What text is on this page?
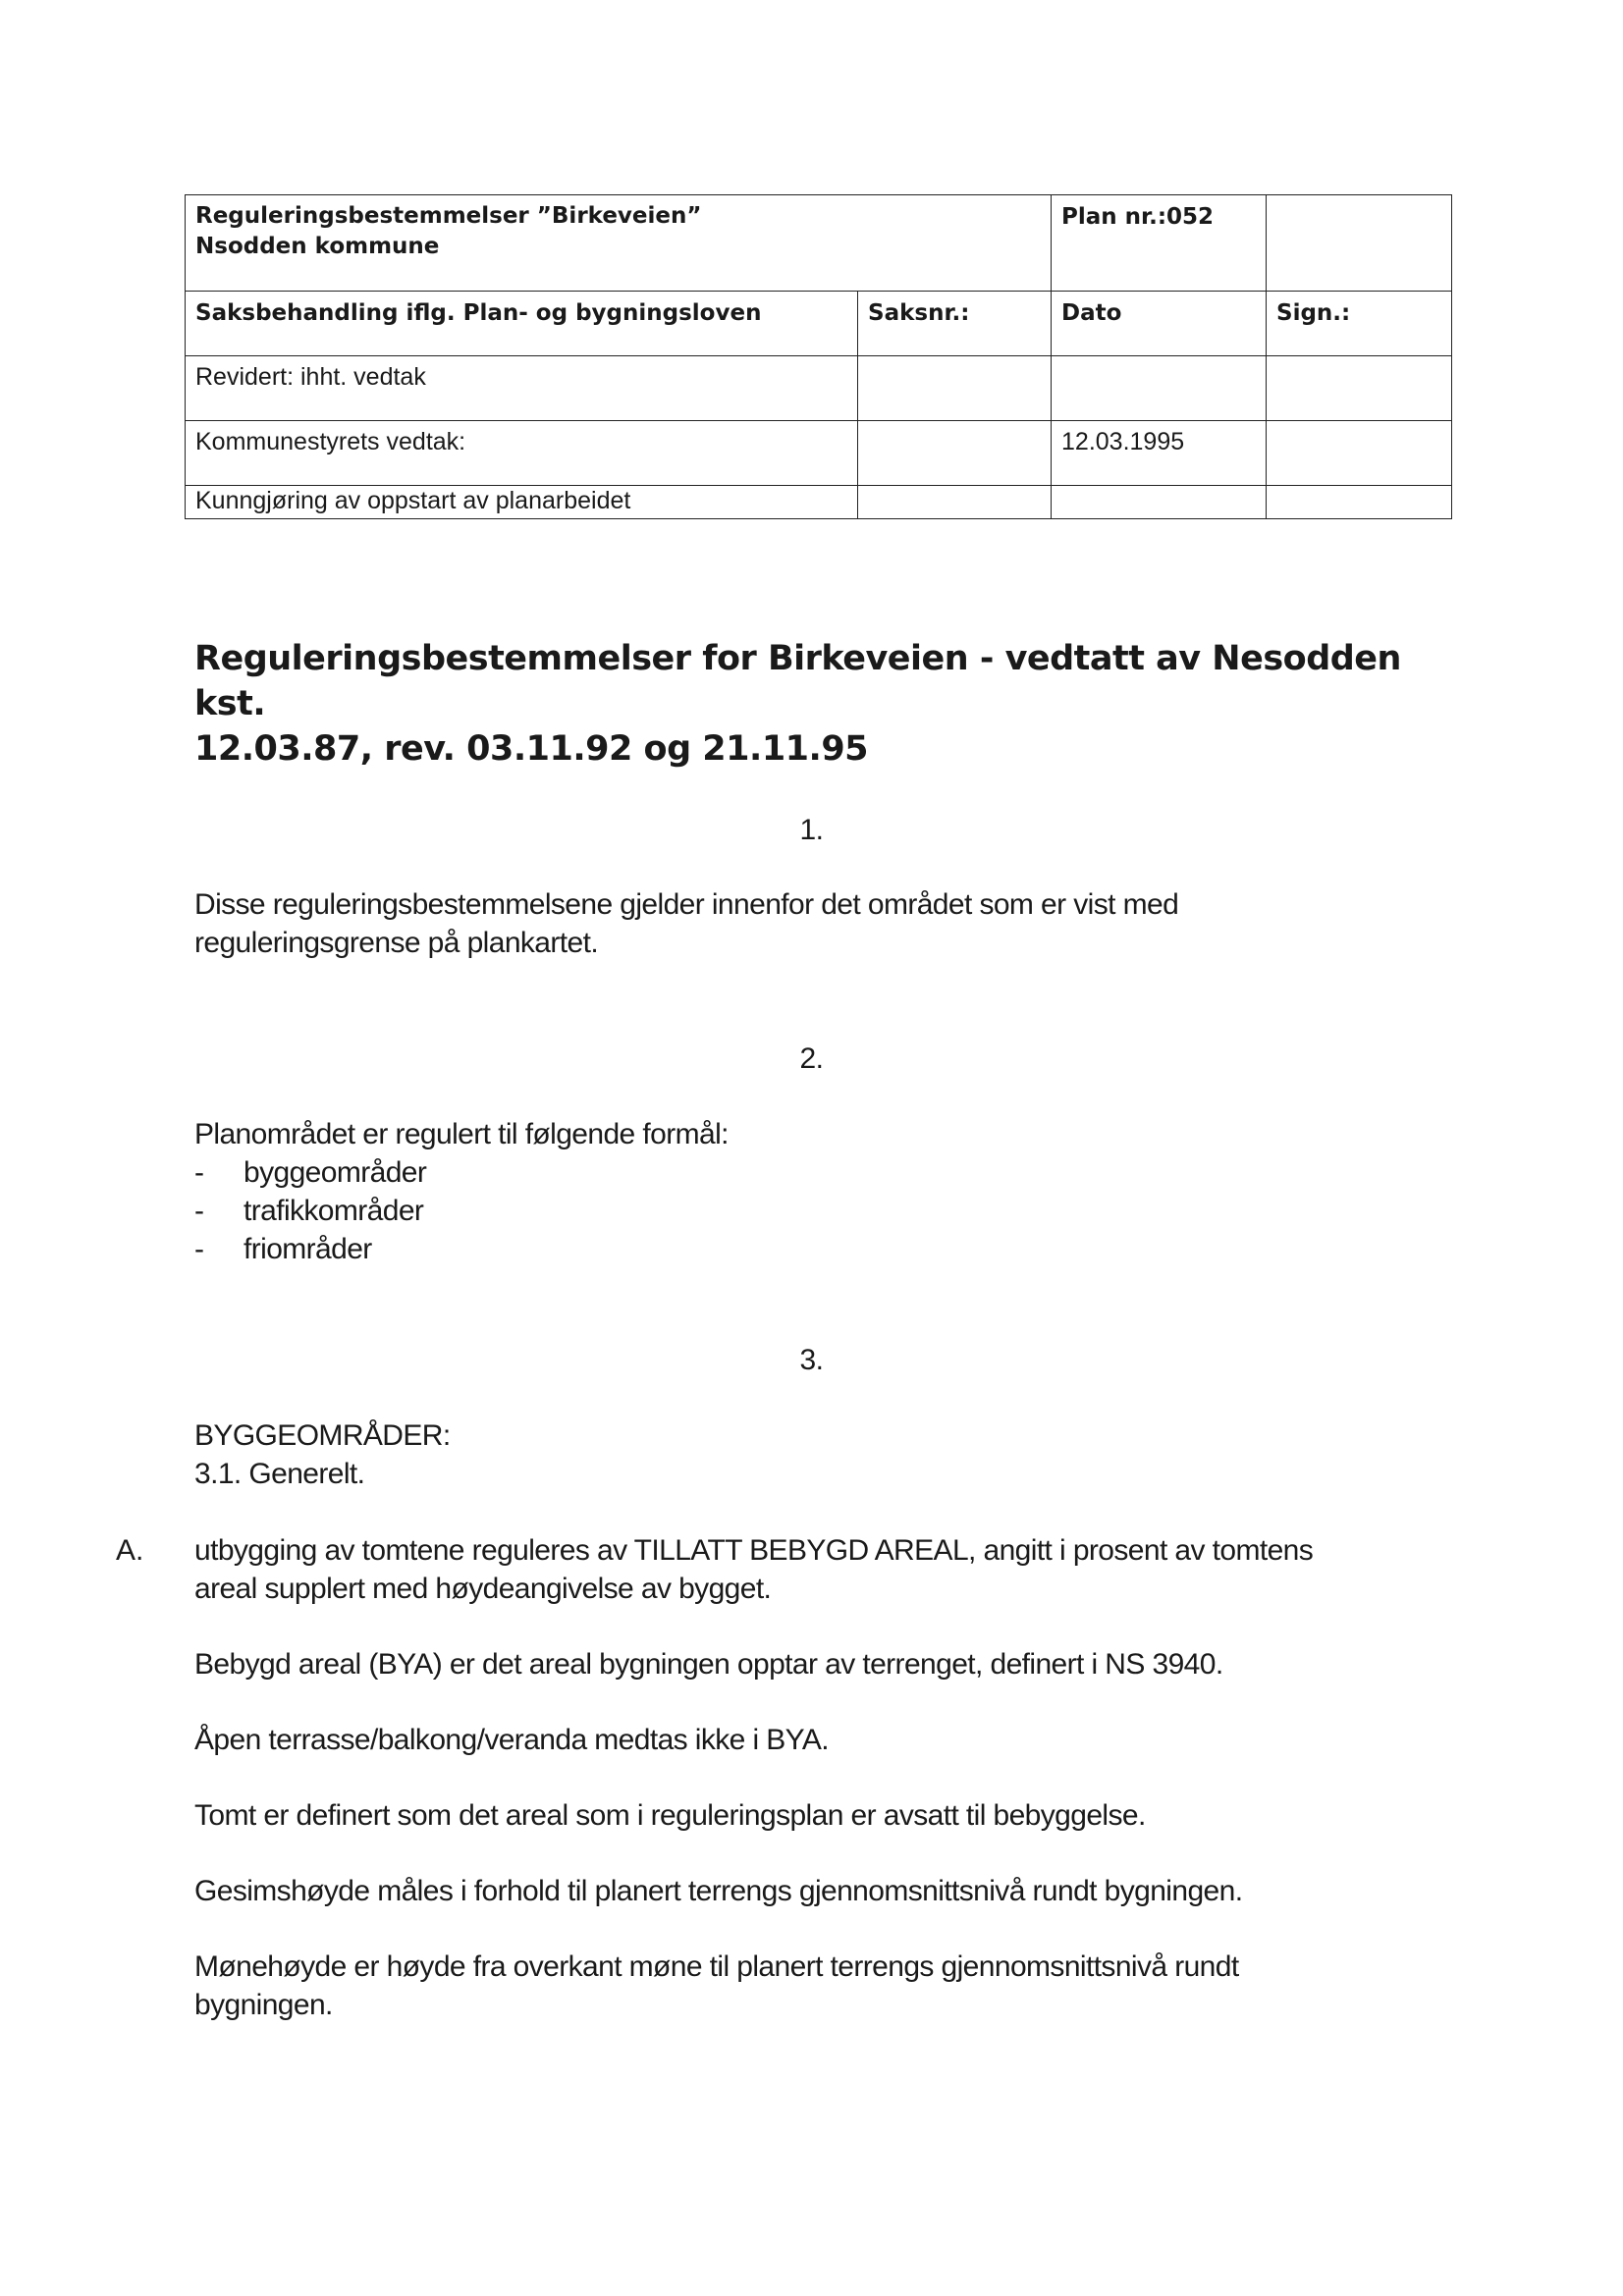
Reguleringsbestemmelser ”Birkeveien”
Nsodden kommune		Plan nr.:052	
Saksbehandling iflg. Plan- og bygningsloven	Saksnr.:	Dato	Sign.:
Revidert: ihht. vedtak			
Kommunestyrets vedtak:		12.03.1995	
Kunngjøring av oppstart av planarbeidet			
Reguleringsbestemmelser for Birkeveien - vedtatt av Nesodden kst.
12.03.87, rev. 03.11.92 og 21.11.95
1.
Disse reguleringsbestemmelsene gjelder innenfor det området som er vist med
reguleringsgrense på plankartet.
2.
Planområdet er regulert til følgende formål:
-	byggeområder
-	trafikkområder
-	friområder
3.
BYGGEOMRÅDER:
3.1. Generelt.
A. utbygging av tomtene reguleres av TILLATT BEBYGD AREAL, angitt i prosent av tomtens
areal supplert med høydeangivelse av bygget.
Bebygd areal (BYA) er det areal bygningen opptar av terrenget, definert i NS 3940.
Åpen terrasse/balkong/veranda medtas ikke i BYA.
Tomt er definert som det areal som i reguleringsplan er avsatt til bebyggelse.
Gesimshøyde måles i forhold til planert terrengs gjennomsnittsnivå rundt bygningen.
Mønehøyde er høyde fra overkant møne til planert terrengs gjennomsnittsnivå rundt
bygningen.
